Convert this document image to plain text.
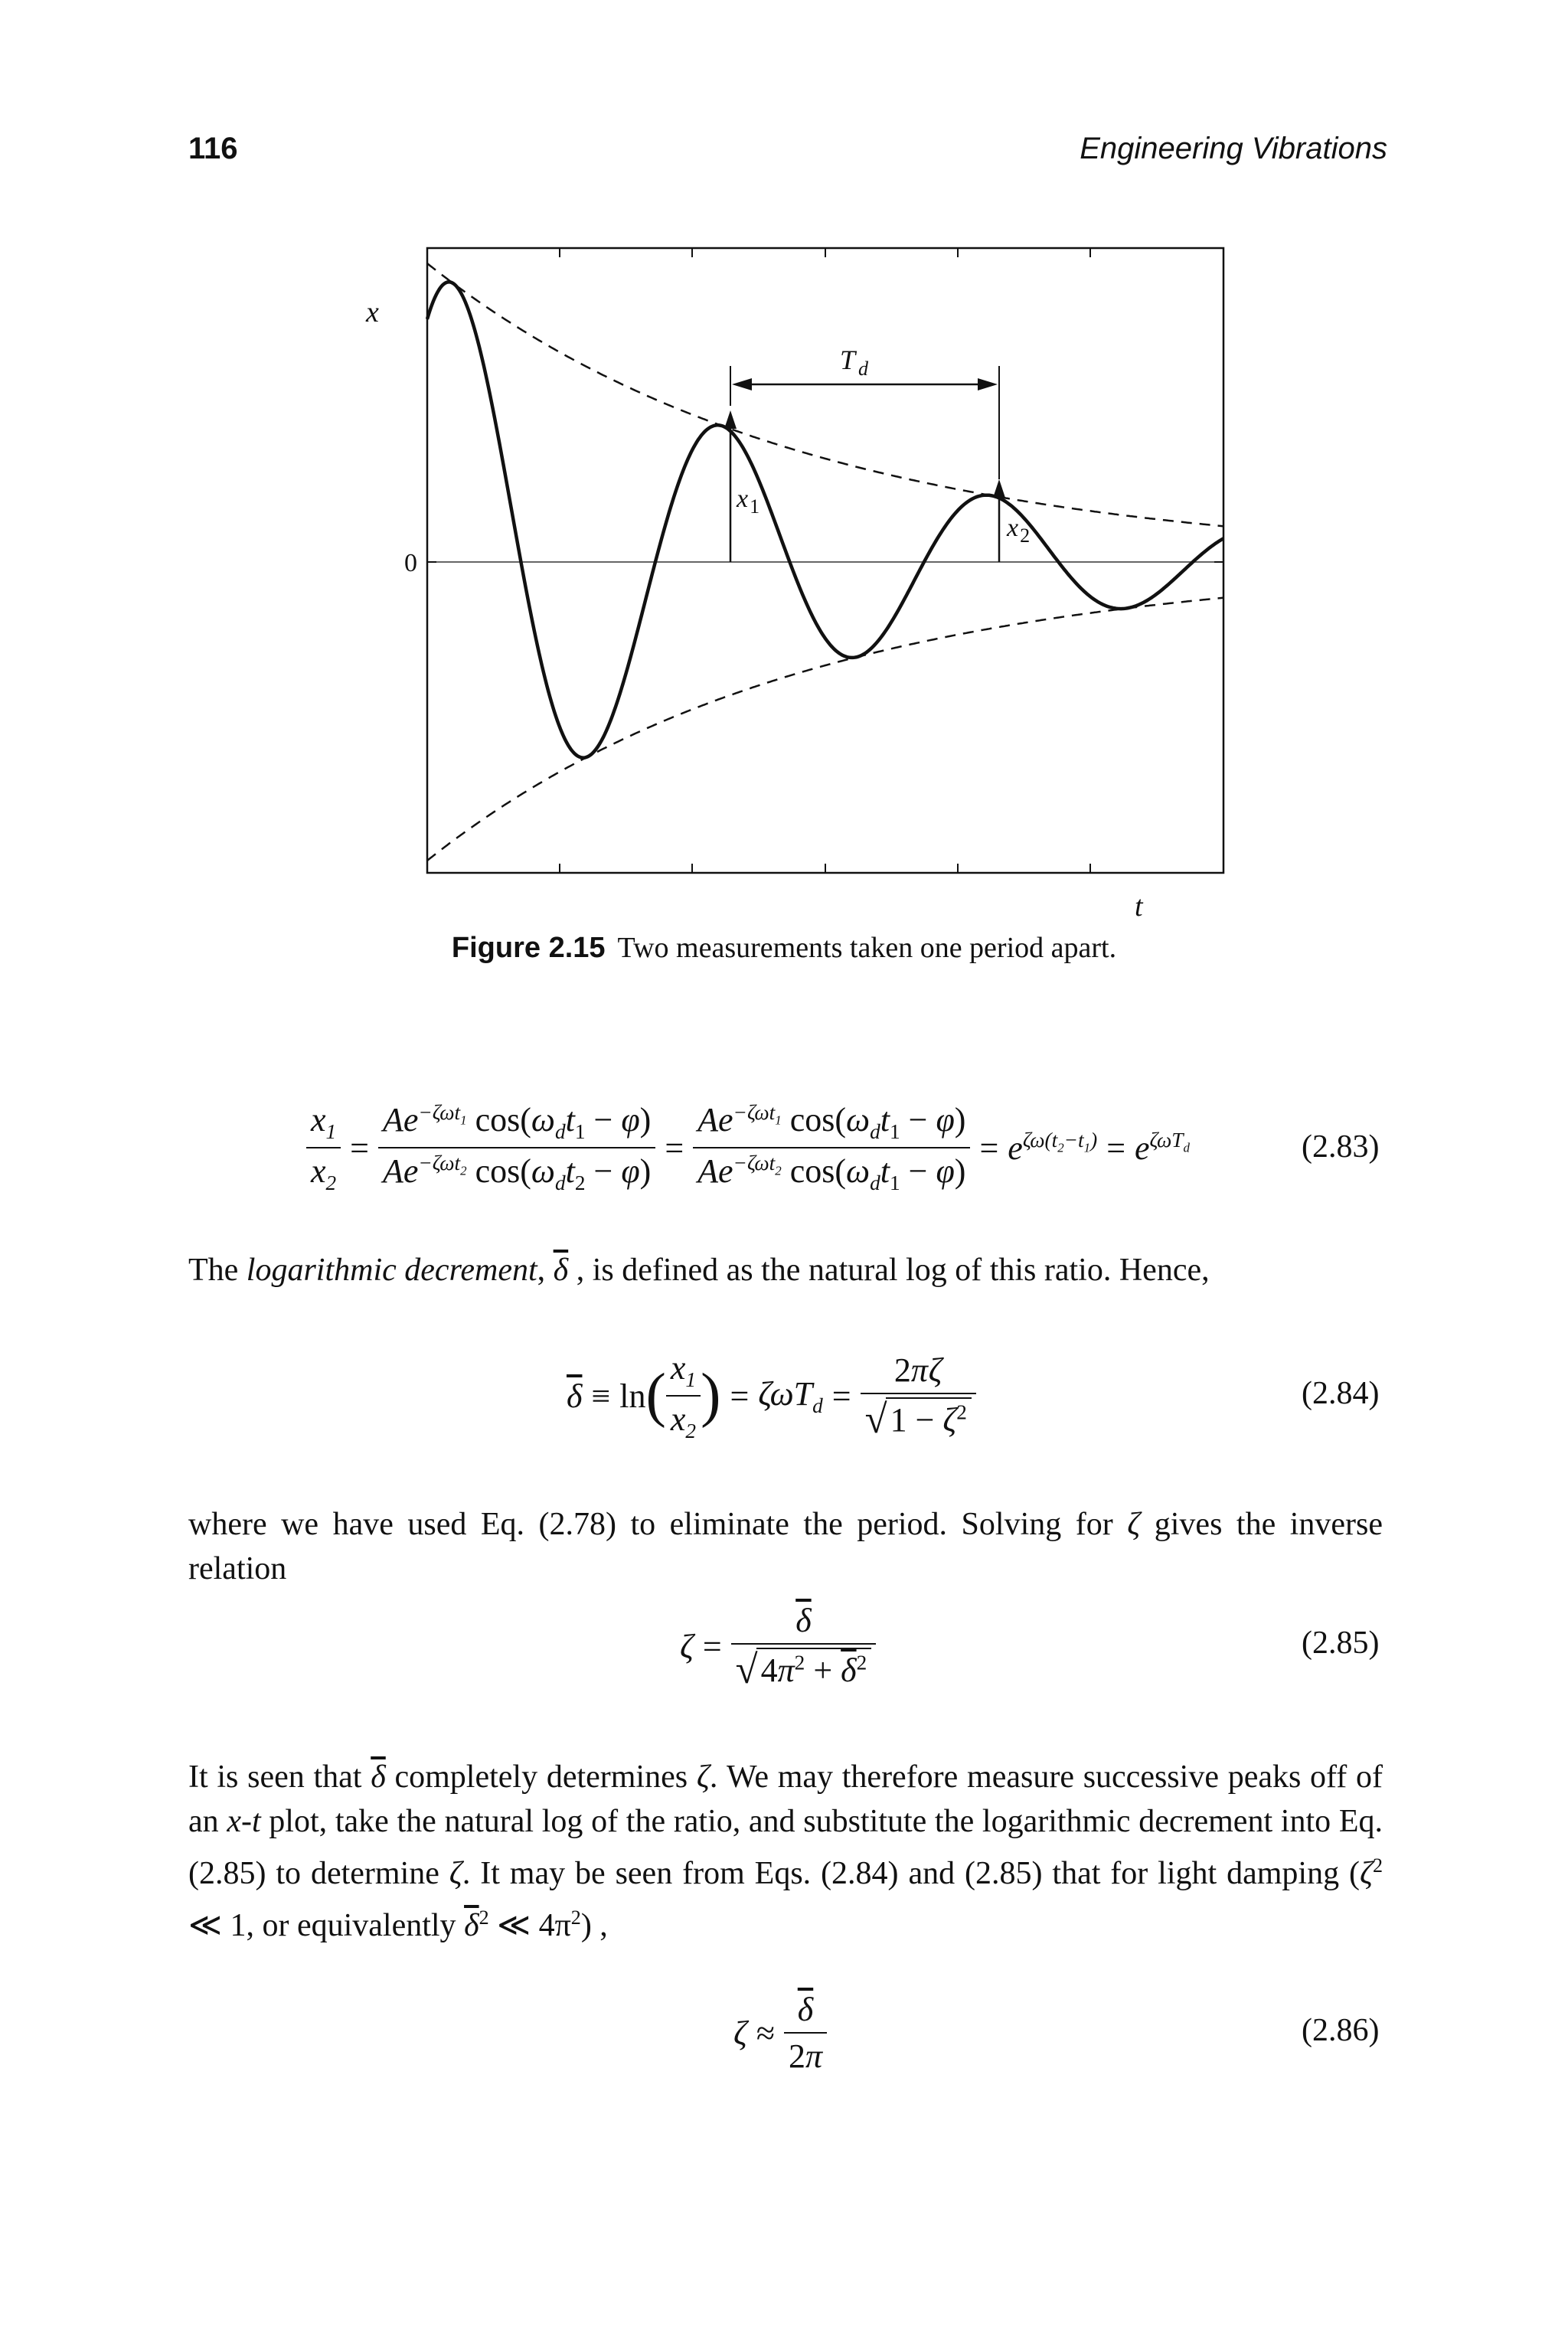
116	Engineering Vibrations
T $_d$
$x_1$
$x_2$
x
0
t
Figure 2.15 Two measurements taken one period apart.
$\frac{x_1}{x_2} = \frac{Ae^{-\zeta\omega t_1} \cos(\omega_dt_1 - \varphi)}{Ae^{-\zeta\omega t_2} \cos(\omega_dt_2 - \varphi)} = \frac{Ae^{-\zeta\omega t_1} \cos(\omega_dt_1 - \varphi)}{Ae^{-\zeta\omega t_2} \cos(\omega_dt_1 - \varphi)} = e^{\zeta\omega(t_2-t_1)} = e^{\zeta\omega T_d}$	(2.83)

The logarithmic decrement, $\overline{\delta}$ , is defined as the natural log of this ratio. Hence,

$\overline{\delta} \equiv \ln$ ( $\frac{x_1}{x_2}$ ) = $\zeta\omega T_d = \frac{2\pi\zeta}{√ 1 - \zeta^2}$	(2.84)

where we have used Eq. (2.78) to eliminate the period. Solving for ζ gives the inverse relation

$\zeta = \frac{\overline{\delta}}{√ 4\pi^2 + \overline{\delta}^2}$	(2.85)

It is seen that $\overline{\delta}$ completely determines ζ. We may therefore measure successive peaks off of an x-t plot, take the natural log of the ratio, and substitute the logarithmic decrement into Eq. (2.85) to determine ζ. It may be seen from Eqs. (2.84) and (2.85) that for light damping ($\zeta^2$ ≪ 1, or equivalently $\overline{\delta}^2$ ≪ $4\pi^2$) ,

$\zeta \approx \frac{\overline{\delta}}{2\pi}$	(2.86)
